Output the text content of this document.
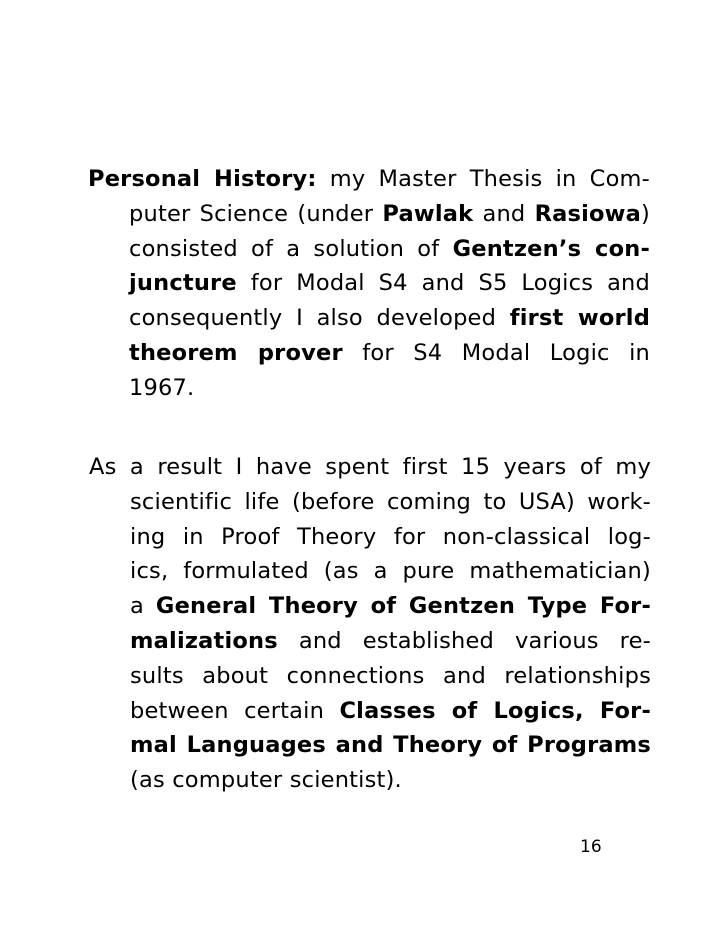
Personal History: my Master Thesis in Com-
puter Science (under Pawlak and Rasiowa)
consisted of a solution of Gentzen’s con-
juncture for Modal S4 and S5 Logics and
consequently I also developed first world
theorem prover for S4 Modal Logic in
1967.
As a result I have spent first 15 years of my
scientific life (before coming to USA) work-
ing in Proof Theory for non-classical log-
ics, formulated (as a pure mathematician)
a General Theory of Gentzen Type For-
malizations and established various re-
sults about connections and relationships
between certain Classes of Logics, For-
mal Languages and Theory of Programs
(as computer scientist).
16
